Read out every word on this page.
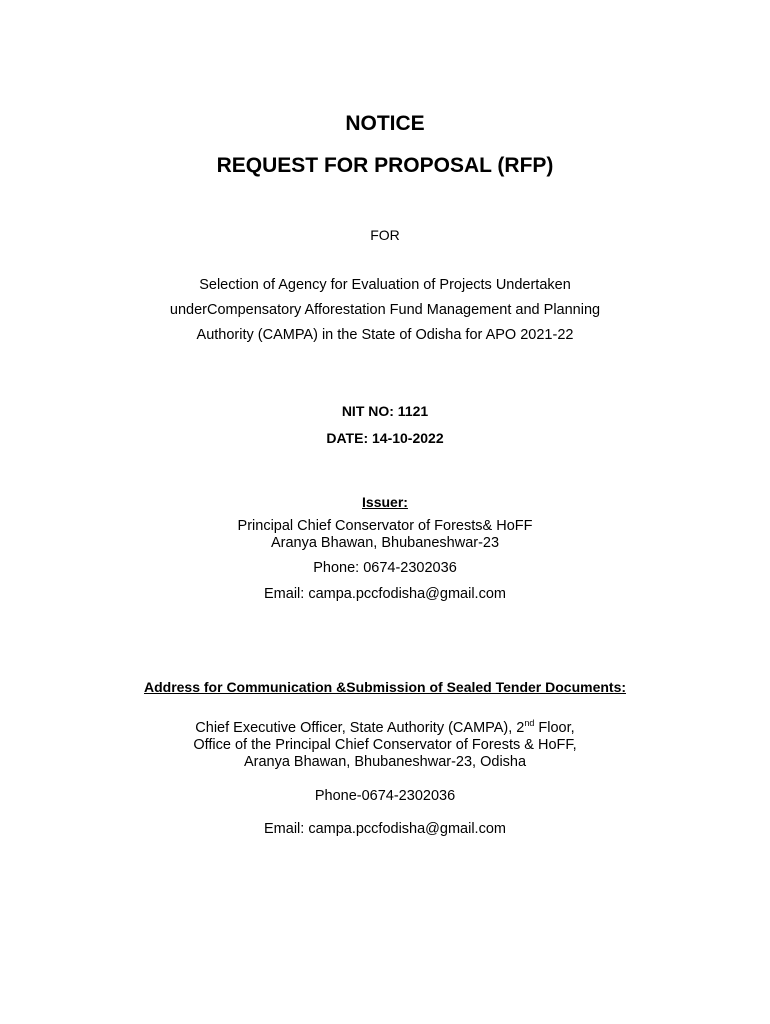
NOTICE
REQUEST FOR PROPOSAL (RFP)
FOR
Selection of Agency for Evaluation of Projects Undertaken
underCompensatory Afforestation Fund Management and Planning
Authority (CAMPA) in the State of Odisha for APO 2021-22
NIT NO: 1121
DATE: 14-10-2022
Issuer:
Principal Chief Conservator of Forests& HoFF
Aranya Bhawan, Bhubaneshwar-23
Phone: 0674-2302036
Email: campa.pccfodisha@gmail.com
Address for Communication &Submission of Sealed Tender Documents:
Chief Executive Officer, State Authority (CAMPA), 2nd Floor,
Office of the Principal Chief Conservator of Forests & HoFF,
Aranya Bhawan, Bhubaneshwar-23, Odisha
Phone-0674-2302036
Email: campa.pccfodisha@gmail.com
